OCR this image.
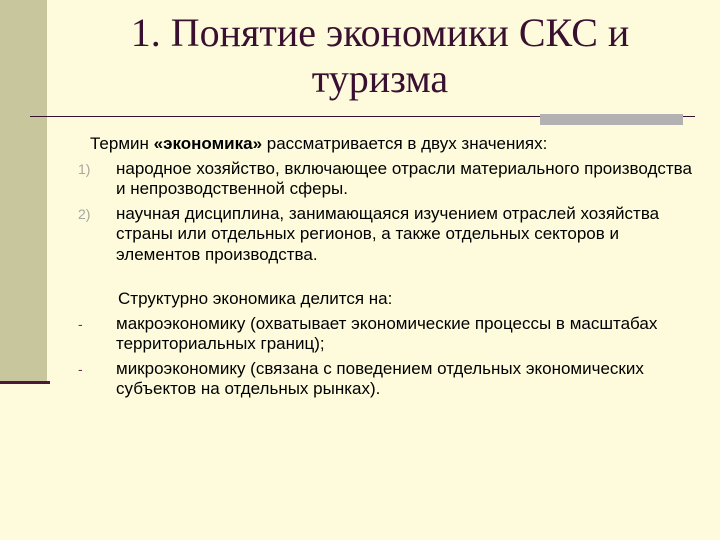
1. Понятие экономики СКС и туризма
Термин «экономика» рассматривается в двух значениях:
1)	народное хозяйство, включающее отрасли материального производства и непрозводственной сферы.
2)	научная дисциплина, занимающаяся изучением отраслей хозяйства страны или отдельных регионов, а также отдельных секторов и элементов производства.
Структурно экономика делится на:
-	макроэкономику (охватывает экономические процессы в масштабах территориальных границ);
-	микроэкономику (связана с поведением отдельных экономических субъектов на отдельных рынках).
